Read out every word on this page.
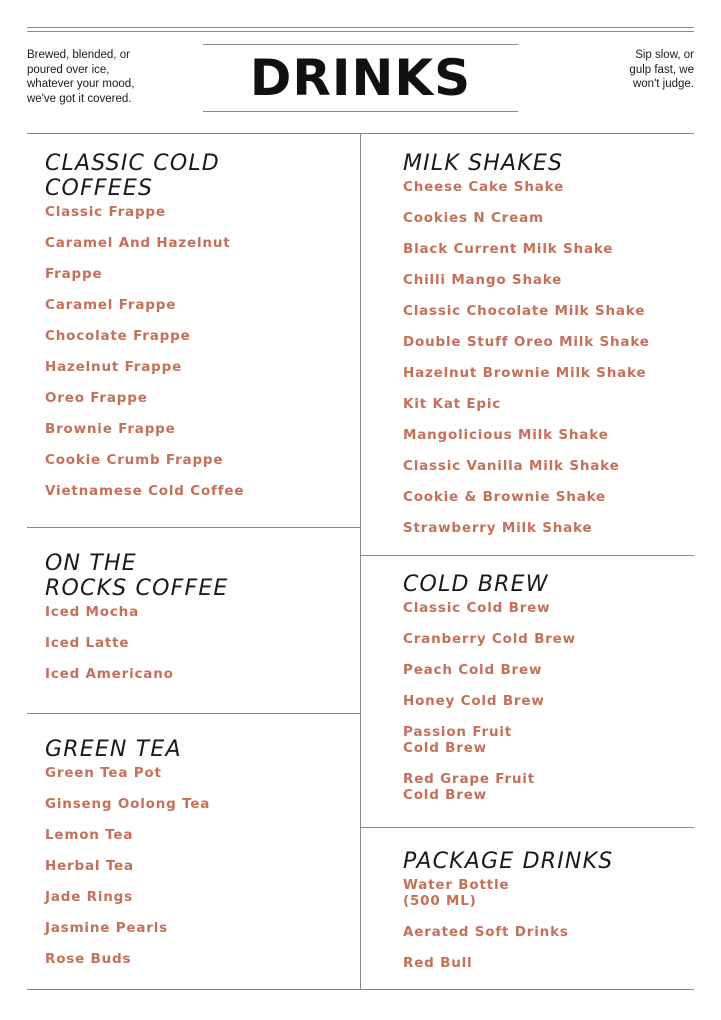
Brewed, blended, or
poured over ice,
whatever your mood,
we've got it covered.	DRINKS	Sip slow, or
gulp fast, we
won't judge.
CLASSIC COLD
COFFEES
Classic Frappe
Caramel And Hazelnut
Frappe
Caramel Frappe
Chocolate Frappe
Hazelnut Frappe
Oreo Frappe
Brownie Frappe
Cookie Crumb Frappe
Vietnamese Cold Coffee
ON THE
ROCKS COFFEE
Iced Mocha
Iced Latte
Iced Americano
GREEN TEA
Green Tea Pot
Ginseng Oolong Tea
Lemon Tea
Herbal Tea
Jade Rings
Jasmine Pearls
Rose Buds
MILK SHAKES
Cheese Cake Shake
Cookies N Cream
Black Current Milk Shake
Chilli Mango Shake
Classic Chocolate Milk Shake
Double Stuff Oreo Milk Shake
Hazelnut Brownie Milk Shake
Kit Kat Epic
Mangolicious Milk Shake
Classic Vanilla Milk Shake
Cookie & Brownie Shake
Strawberry Milk Shake
COLD BREW
Classic Cold Brew
Cranberry Cold Brew
Peach Cold Brew
Honey Cold Brew
Passion Fruit
Cold Brew
Red Grape Fruit
Cold Brew
PACKAGE DRINKS
Water Bottle
(500 ML)
Aerated Soft Drinks
Red Bull
